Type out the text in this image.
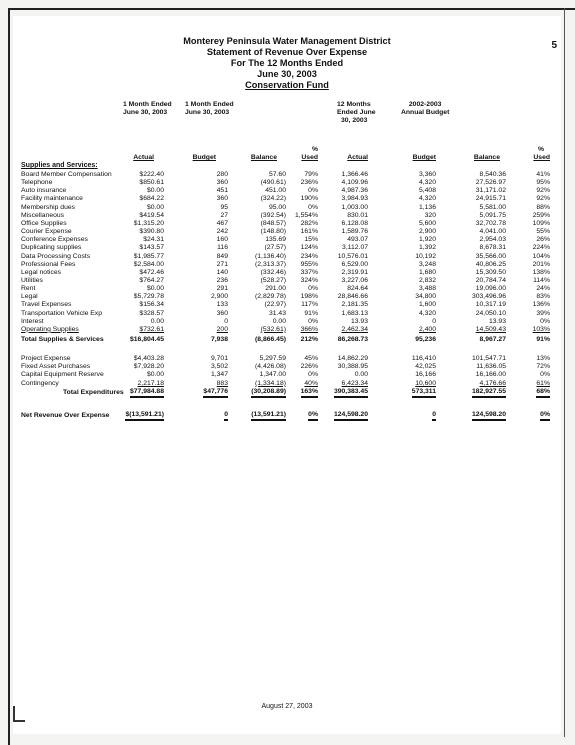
5
Monterey Peninsula Water Management District
Statement of Revenue Over Expense
For The 12 Months Ended
June 30, 2003
Conservation Fund
1 Month Ended
June 30, 2003
1 Month Ended
June 30, 2003
12 Months
Ended June
30, 2003
2002-2003
Annual Budget
%	%
Actual	Budget	Balance	Used	Actual	Budget	Balance	Used
Supplies and Services:
Board Member Compensation	$222.40	280	57.60	79%	1,366.46	3,360	8,540.36	41%
Telephone	$850.61	360	(490.61) 236%	4,109.96	4,320	27,526.97	95%
Auto insurance	$0.00	451	451.00	0%	4,987.36	5,408	31,171.02	92%
Facility maintenance	$684.22	360	(324.22) 190%	3,984.93	4,320	24,915.71	92%
Membership dues	$0.00	95	95.00	0%	1,003.00	1,136	5,581.00	88%
Miscellaneous	$419.54	27	(392.54) 1,554%	830.01	320	5,091.75	259%
Office Supplies	$1,315.20	467	(848.57) 282%	6,128.08	5,600	32,702.78	109%
Courier Expense	$390.80	242	(148.80) 161%	1,589.76	2,900	4,041.00	55%
Conference Expenses	$24.31	160	135.69	15%	493.07	1,920	2,954.03	26%
Duplicating supplies	$143.57	116	(27.57) 124%	3,112.07	1,392	8,678.31	224%
Data Processing Costs	$1,985.77	849	(1,136.40) 234%	10,576.01	10,192	35,566.00	104%
Professional Fees	$2,584.00	271	(2,313.37) 955%	6,529.00	3,248	40,806.25	201%
Legal notices	$472.46	140	(332.46) 337%	2,319.91	1,680	15,309.50	138%
Utilities	$764.27	236	(528.27) 324%	3,227.06	2,832	20,784.74	114%
Rent	$0.00	291	291.00	0%	824.64	3,488	19,096.00	24%
Legal	$5,729.78	2,900	(2,829.78) 198%	28,846.66	34,800	303,496.96	83%
Travel Expenses	$156.34	133	(22.97) 117%	2,181.35	1,600	10,317.19	136%
Transportation Vehicle Exp	$328.57	360	31.43	91%	1,683.13	4,320	24,050.10	39%
Interest	0.00	0	0.00	0%	13.93	0	13.93	0%
Operating Supplies	$732.61	200	(532.61) 366%	2,462.34	2,400	14,509.43	103%
Total Supplies & Services	$16,804.45	7,938	(8,866.45) 212%	86,268.73	95,236	8,967.27	91%
Project Expense	$4,403.28	9,701	5,297.59	45%	14,862.29	116,410	101,547.71	13%
Fixed Asset Purchases	$7,928.20	3,502	(4,426.08) 226%	30,388.95	42,025	11,636.05	72%
Capital Equipment Reserve	$0.00	1,347	1,347.00	0%	0.00	16,166	16,166.00	0%
Contingency	2,217.18	883	(1,334.18)	40%	6,423.34	10,600	4,176.66	61%
Total Expenditures $77,984.88	$47,776	(30,208.89) 163% 390,383.45	573,311	182,927.55	68%
Net Revenue Over Expense $(13,591.21)	0	(13,591.21)	0% 124,598.20	0	124,598.20	0%
August 27, 2003
